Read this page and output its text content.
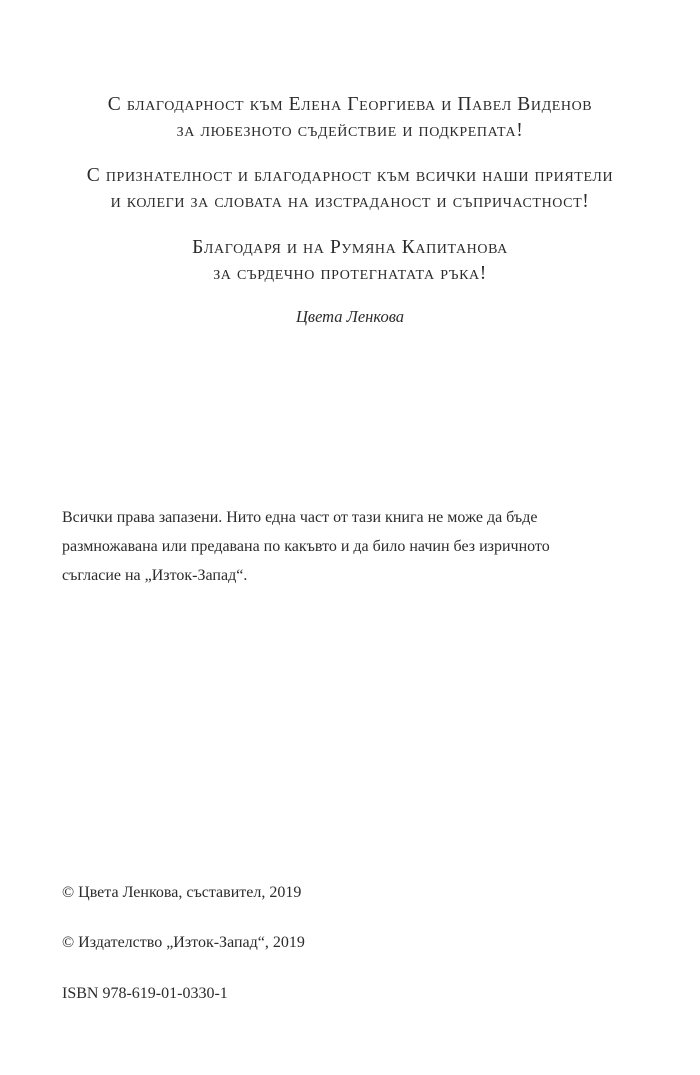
С благодарност към Елена Георгиева и Павел Виденов
за любезното съдействие и подкрепата!
С признателност и благодарност към всички наши приятели
и колеги за словата на изстраданост и съпричастност!
Благодаря и на Румяна Капитанова
за сърдечно протегнатата ръка!
Цвета Ленкова
Всички права запазени. Нито една част от тази книга не може да бъде
размножавана или предавана по какъвто и да било начин без изричното
съгласие на „Изток-Запад“.
© Цвета Ленкова, съставител, 2019
© Издателство „Изток-Запад“, 2019
ISBN 978-619-01-0330-1
